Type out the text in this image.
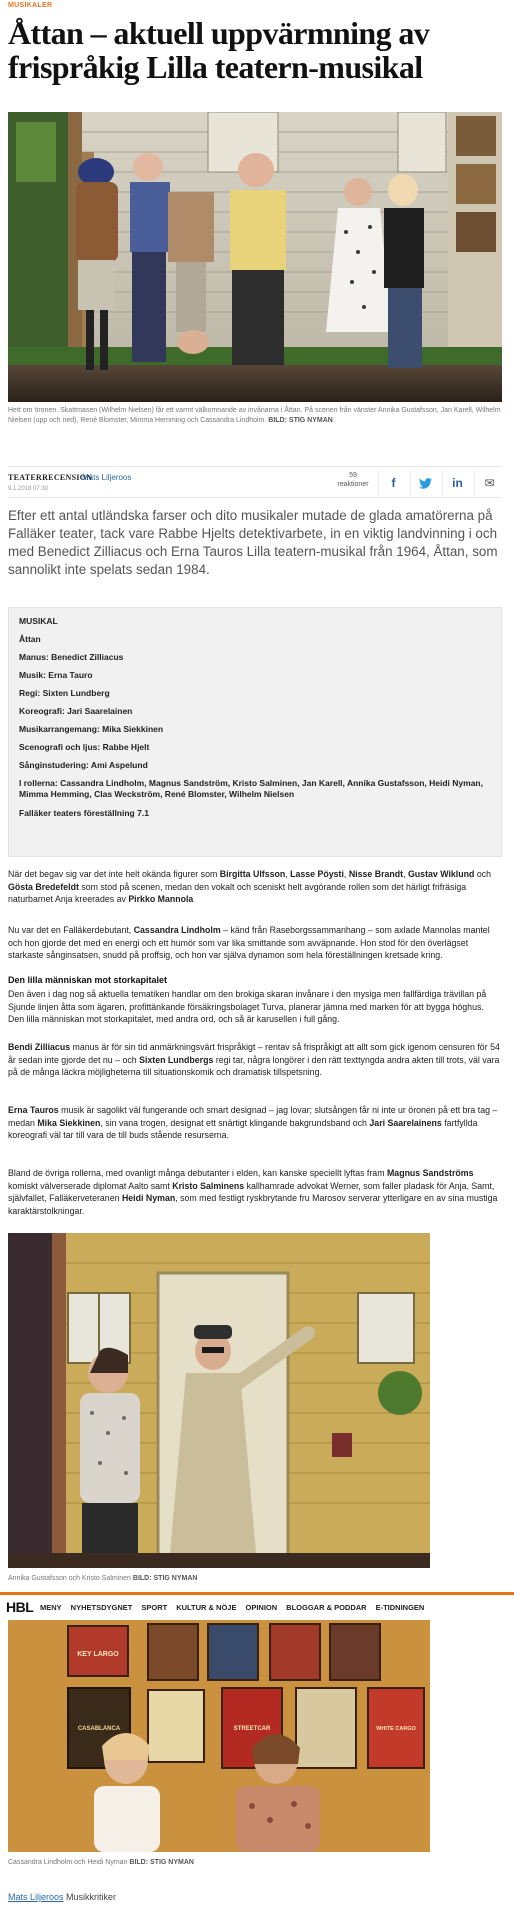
MUSIKALER
Åttan – aktuell uppvärmning av frispråkig Lilla teatern-musikal
Hett om öronen. Skattmasen (Wilhelm Nielsen) får ett varmt välkomnande av invånarna i Åttan. På scenen från vänster Annika Gustafsson, Jan Karell, Wilhelm Nielsen (upp och ned), René Blomster, Mimma Hemming och Cassandra Lindholm. BILD: STIG NYMAN
TEATERRECENSION
Mats Liljeroos
9.1.2018 07:30
59
reaktioner f	in ✉

Efter ett antal utländska farser och dito musikaler mutade de glada amatörerna på Falläker teater, tack vare Rabbe Hjelts detektivarbete, in en viktig landvinning i och med Benedict Zilliacus och Erna Tauros Lilla teatern-musikal från 1964, Åttan, som sannolikt inte spelats sedan 1984.

MUSIKAL
Åttan
Manus: Benedict Zilliacus
Musik: Erna Tauro
Regi: Sixten Lundberg
Koreografi: Jari Saarelainen
Musikarrangemang: Mika Siekkinen
Scenografi och ljus: Rabbe Hjelt
Sånginstudering: Ami Aspelund
I rollerna: Cassandra Lindholm, Magnus Sandström, Kristo Salminen, Jan Karell, Annika Gustafsson, Heidi Nyman, Mimma Hemming, Clas Weckström, René Blomster, Wilhelm Nielsen
Falläker teaters föreställning 7.1

När det begav sig var det inte helt okända figurer som Birgitta Ulfsson, Lasse Pöysti, Nisse Brandt, Gustav Wiklund och Gösta Bredefeldt som stod på scenen, medan den vokalt och sceniskt helt avgörande rollen som det härligt frifräsiga naturbarnet Anja kreerades av Pirkko Mannola

Nu var det en Falläkerdebutant, Cassandra Lindholm – känd från Raseborgssammanhang – som axlade Mannolas mantel och hon gjorde det med en energi och ett humör som var lika smittande som avväpnande. Hon stod för den överlägset starkaste sånginsatsen, snudd på proffsig, och hon var själva dynamon som hela föreställningen kretsade kring.

Den lilla människan mot storkapitalet

Den även i dag nog så aktuella tematiken handlar om den brokiga skaran invånare i den mysiga men fallfärdiga trävillan på Sjunde linjen åtta som ägaren, profittänkande försäkringsbolaget Turva, planerar jämna med marken för att bygga höghus. Den lilla människan mot storkapitalet, med andra ord, och så är karusellen i full gång.

Bendi Zilliacus manus är för sin tid anmärkningsvärt frispråkigt – rentav så frispråkigt att allt som gick igenom censuren för 54 år sedan inte gjorde det nu – och Sixten Lundbergs regi tar, några longörer i den rätt texttyngda andra akten till trots, väl vara på de många läckra möjligheterna till situationskomik och dramatisk tillspetsning.

Erna Tauros musik är sagolikt väl fungerande och smart designad – jag lovar; slutsången får ni inte ur öronen på ett bra tag – medan Mika Siekkinen, sin vana trogen, designat ett snärtigt klingande bakgrundsband och Jari Saarelainens fartfyllda koreografi väl tar till vara de till buds stående resurserna.

Bland de övriga rollerna, med ovanligt många debutanter i elden, kan kanske speciellt lyftas fram Magnus Sandströms komiskt välverserade diplomat Aalto samt Kristo Salminens kallhamrade advokat Werner, som faller pladask för Anja. Samt, självfallet, Falläkerveteranen Heidi Nyman, som med festligt ryskbrytande fru Marosov serverar ytterligare en av sina mustiga karaktärstolkningar.

Annika Gustafsson och Kristo Salminen BILD: STIG NYMAN
HBL MENY NYHETSDYGNET SPORT KULTUR & NÖJE OPINION BLOGGAR & PODDAR E-TIDNINGEN
KEY LARGO
CASABLANCA	STREETCAR	WHITE CARGO
Cassandra Lindholm och Heidi Nyman BILD: STIG NYMAN
Mats Liljeroos Musikkritiker
